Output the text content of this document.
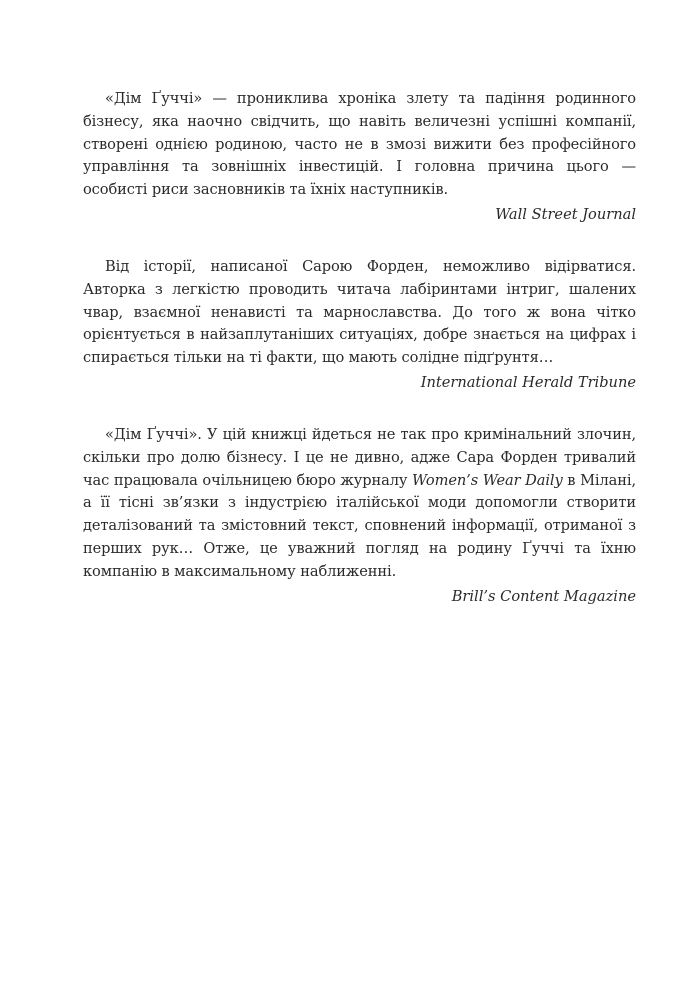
«Дім Ґуччі» — прониклива хроніка злету та падіння родинного бізнесу, яка наочно свідчить, що навіть величезні успішні компанії, створені однією родиною, часто не в змозі вижити без професійного управління та зовнішніх інвестицій. І головна причина цього — особисті риси засновників та їхніх наступників.

Wall Street Journal

Від історії, написаної Сарою Форден, неможливо відірватися. Авторка з легкістю проводить читача лабіринтами інтриг, шалених чвар, взаємної ненависті та марнославства. До того ж вона чітко орієнтується в найзаплутаніших ситуаціях, добре знається на цифрах і спирається тільки на ті факти, що мають солідне підґрунтя…

International Herald Tribune

«Дім Ґуччі». У цій книжці йдеться не так про кримінальний злочин, скільки про долю бізнесу. І це не дивно, адже Сара Форден тривалий час працювала очільницею бюро журналу Women’s Wear Daily в Мілані, а її тісні зв’язки з індустрією італійської моди допомогли створити деталізований та змістовний текст, сповнений інформації, отриманої з перших рук… Отже, це уважний погляд на родину Ґуччі та їхню компанію в максимальному наближенні.

Brill’s Content Magazine
